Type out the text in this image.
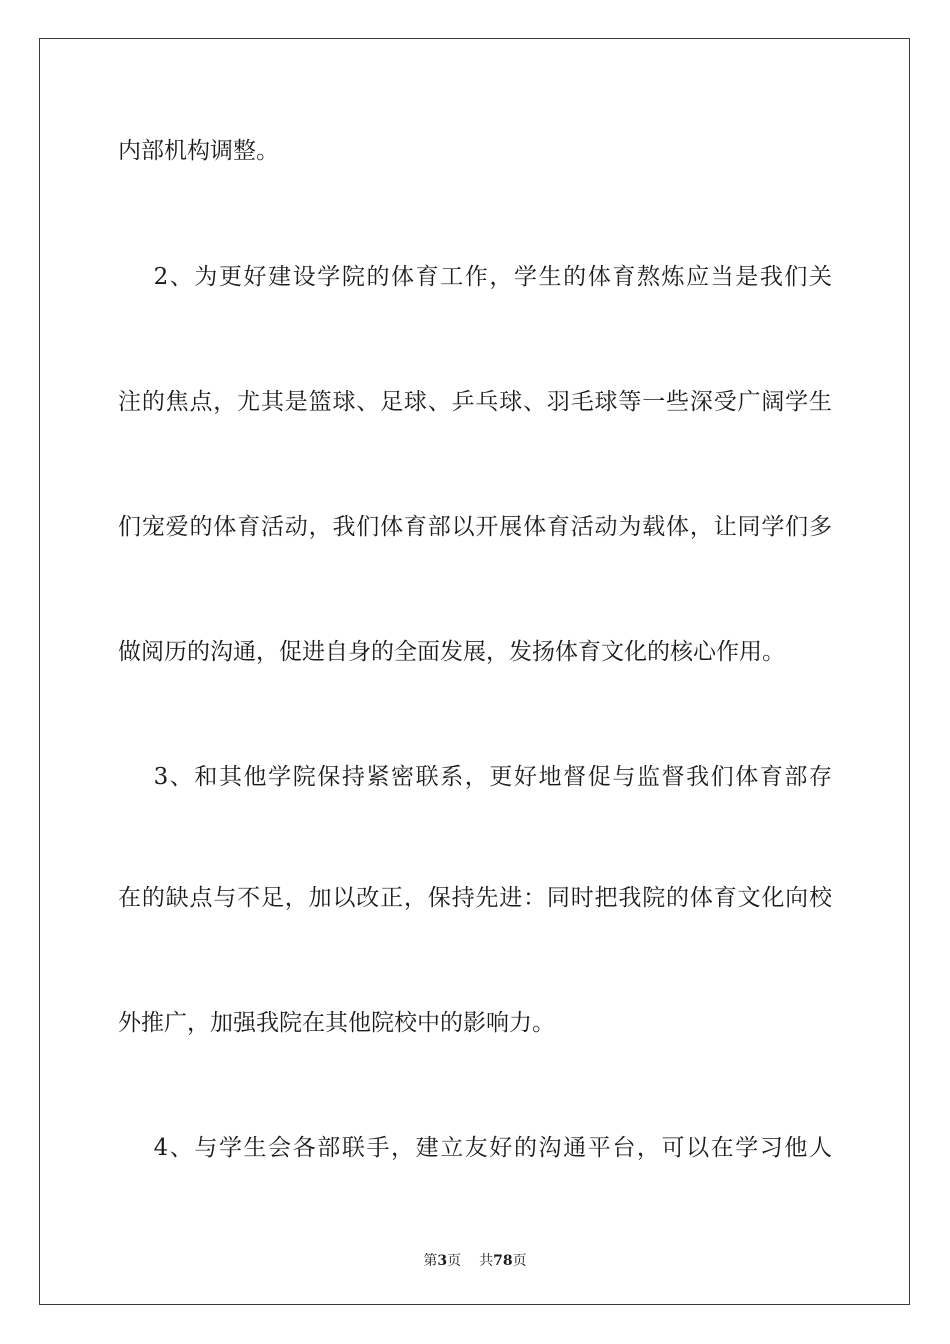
内部机构调整。
2、为更好建设学院的体育工作，学生的体育熬炼应当是我们关
注的焦点，尤其是篮球、足球、乒乓球、羽毛球等一些深受广阔学生
们宠爱的体育活动，我们体育部以开展体育活动为载体，让同学们多
做阅历的沟通，促进自身的全面发展，发扬体育文化的核心作用。
3、和其他学院保持紧密联系，更好地督促与监督我们体育部存
在的缺点与不足，加以改正，保持先进：同时把我院的体育文化向校
外推广，加强我院在其他院校中的影响力。
4、与学生会各部联手，建立友好的沟通平台，可以在学习他人
第3页 共78页
